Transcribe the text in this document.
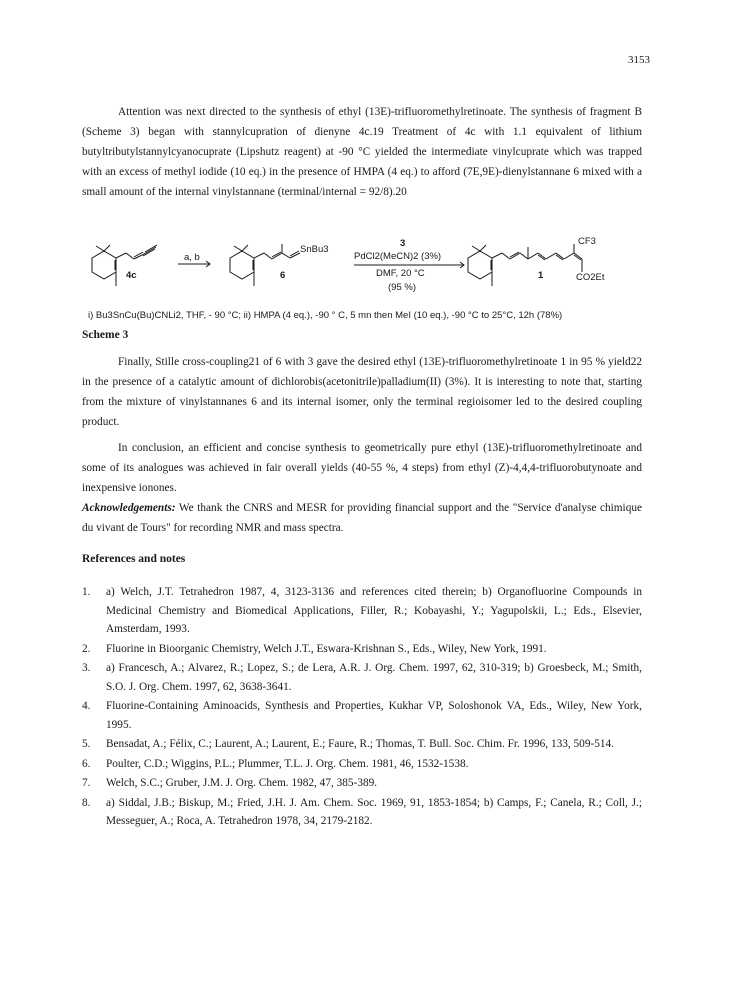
3153

Attention was next directed to the synthesis of ethyl (13E)-trifluoromethylretinoate. The synthesis of fragment B (Scheme 3) began with stannylcupration of dienyne 4c.19 Treatment of 4c with 1.1 equivalent of lithium butyltributylstannylcyanocuprate (Lipshutz reagent) at -90 °C yielded the intermediate vinylcuprate which was trapped with an excess of methyl iodide (10 eq.) in the presence of HMPA (4 eq.) to afford (7E,9E)-dienylstannane 6 mixed with a small amount of the internal vinylstannane (terminal/internal = 92/8).20

4c
a, b
6
SnBu3
3
PdCl2(MeCN)2 (3%)
DMF, 20 °C
(95 %)
1
CF3
CO2Et
i) Bu3SnCu(Bu)CNLi2, THF, - 90 °C; ii) HMPA (4 eq.), -90 ° C, 5 mn then MeI (10 eq.), -90 °C to 25°C, 12h (78%)
Scheme 3

Finally, Stille cross-coupling21 of 6 with 3 gave the desired ethyl (13E)-trifluoromethylretinoate 1 in 95 % yield22 in the presence of a catalytic amount of dichlorobis(acetonitrile)palladium(II) (3%). It is interesting to note that, starting from the mixture of vinylstannanes 6 and its internal isomer, only the terminal regioisomer led to the desired coupling product.

In conclusion, an efficient and concise synthesis to geometrically pure ethyl (13E)-trifluoromethylretinoate and some of its analogues was achieved in fair overall yields (40-55 %, 4 steps) from ethyl (Z)-4,4,4-trifluorobutynoate and inexpensive ionones.

Acknowledgements: We thank the CNRS and MESR for providing financial support and the "Service d'analyse chimique du vivant de Tours" for recording NMR and mass spectra.

References and notes
1. a) Welch, J.T. Tetrahedron 1987, 4, 3123-3136 and references cited therein; b) Organofluorine Compounds in Medicinal Chemistry and Biomedical Applications, Filler, R.; Kobayashi, Y.; Yagupolskii, L.; Eds., Elsevier, Amsterdam, 1993.
2. Fluorine in Bioorganic Chemistry, Welch J.T., Eswara-Krishnan S., Eds., Wiley, New York, 1991.
3. a) Francesch, A.; Alvarez, R.; Lopez, S.; de Lera, A.R. J. Org. Chem. 1997, 62, 310-319; b) Groesbeck, M.; Smith, S.O. J. Org. Chem. 1997, 62, 3638-3641.
4. Fluorine-Containing Aminoacids, Synthesis and Properties, Kukhar VP, Soloshonok VA, Eds., Wiley, New York, 1995.
5. Bensadat, A.; Félix, C.; Laurent, A.; Laurent, E.; Faure, R.; Thomas, T. Bull. Soc. Chim. Fr. 1996, 133, 509-514.
6. Poulter, C.D.; Wiggins, P.L.; Plummer, T.L. J. Org. Chem. 1981, 46, 1532-1538.
7. Welch, S.C.; Gruber, J.M. J. Org. Chem. 1982, 47, 385-389.
8. a) Siddal, J.B.; Biskup, M.; Fried, J.H. J. Am. Chem. Soc. 1969, 91, 1853-1854; b) Camps, F.; Canela, R.; Coll, J.; Messeguer, A.; Roca, A. Tetrahedron 1978, 34, 2179-2182.
